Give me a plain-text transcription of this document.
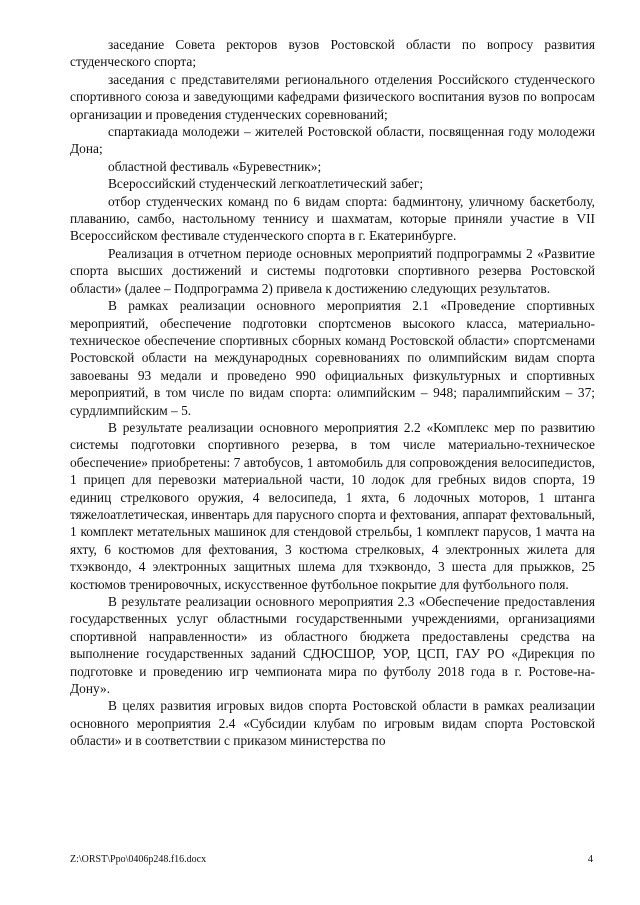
заседание Совета ректоров вузов Ростовской области по вопросу развития студенческого спорта;

заседания с представителями регионального отделения Российского студенческого спортивного союза и заведующими кафедрами физического воспитания вузов по вопросам организации и проведения студенческих соревнований;

спартакиада молодежи – жителей Ростовской области, посвященная году молодежи Дона;

областной фестиваль «Буревестник»;

Всероссийский студенческий легкоатлетический забег;

отбор студенческих команд по 6 видам спорта: бадминтону, уличному баскетболу, плаванию, самбо, настольному теннису и шахматам, которые приняли участие в VII Всероссийском фестивале студенческого спорта в г. Екатеринбурге.

Реализация в отчетном периоде основных мероприятий подпрограммы 2 «Развитие спорта высших достижений и системы подготовки спортивного резерва Ростовской области» (далее – Подпрограмма 2) привела к достижению следующих результатов.

В рамках реализации основного мероприятия 2.1 «Проведение спортивных мероприятий, обеспечение подготовки спортсменов высокого класса, материально-техническое обеспечение спортивных сборных команд Ростовской области» спортсменами Ростовской области на международных соревнованиях по олимпийским видам спорта завоеваны 93 медали и проведено 990 официальных физкультурных и спортивных мероприятий, в том числе по видам спорта: олимпийским – 948; паралимпийским – 37; сурдлимпийским – 5.

В результате реализации основного мероприятия 2.2 «Комплекс мер по развитию системы подготовки спортивного резерва, в том числе материально-техническое обеспечение» приобретены: 7 автобусов, 1 автомобиль для сопровождения велосипедистов, 1 прицеп для перевозки материальной части, 10 лодок для гребных видов спорта, 19 единиц стрелкового оружия, 4 велосипеда, 1 яхта, 6 лодочных моторов, 1 штанга тяжелоатлетическая, инвентарь для парусного спорта и фехтования, аппарат фехтовальный, 1 комплект метательных машинок для стендовой стрельбы, 1 комплект парусов, 1 мачта на яхту, 6 костюмов для фехтования, 3 костюма стрелковых, 4 электронных жилета для тхэквондо, 4 электронных защитных шлема для тхэквондо, 3 шеста для прыжков, 25 костюмов тренировочных, искусственное футбольное покрытие для футбольного поля.

В результате реализации основного мероприятия 2.3 «Обеспечение предоставления государственных услуг областными государственными учреждениями, организациями спортивной направленности» из областного бюджета предоставлены средства на выполнение государственных заданий СДЮСШОР, УОР, ЦСП, ГАУ РО «Дирекция по подготовке и проведению игр чемпионата мира по футболу 2018 года в г. Ростове-на-Дону».

В целях развития игровых видов спорта Ростовской области в рамках реализации основного мероприятия 2.4 «Субсидии клубам по игровым видам спорта Ростовской области» и в соответствии с приказом министерства по

Z:\ORST\Ppo\0406p248.f16.docx	4
